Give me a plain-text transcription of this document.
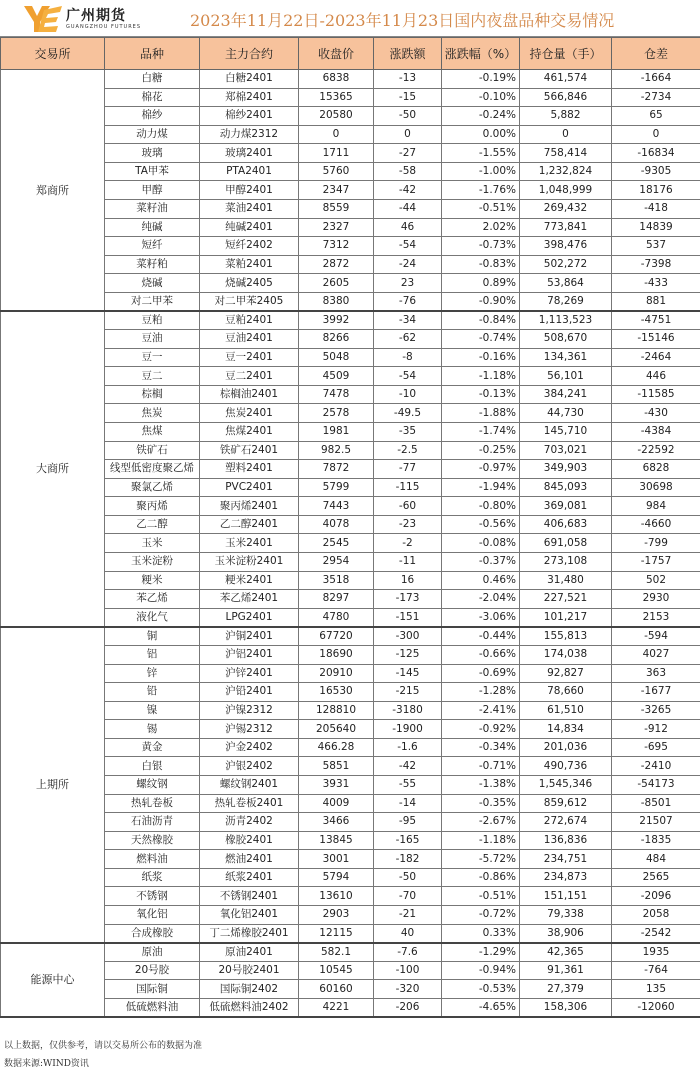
广州期货
GUANGZHOU FUTURES	2023年11月22日-2023年11月23日国内夜盘品种交易情况
交易所	品种	主力合约	收盘价	涨跌额	涨跌幅（%）	持仓量（手）	仓差
郑商所	白糖	白糖2401	6838	-13	-0.19%	461,574	-1664
	棉花	郑棉2401	15365	-15	-0.10%	566,846	-2734
	棉纱	棉纱2401	20580	-50	-0.24%	5,882	65
	动力煤	动力煤2312	0	0	0.00%	0	0
	玻璃	玻璃2401	1711	-27	-1.55%	758,414	-16834
	TA甲苯	PTA2401	5760	-58	-1.00%	1,232,824	-9305
	甲醇	甲醇2401	2347	-42	-1.76%	1,048,999	18176
	菜籽油	菜油2401	8559	-44	-0.51%	269,432	-418
	纯碱	纯碱2401	2327	46	2.02%	773,841	14839
	短纤	短纤2402	7312	-54	-0.73%	398,476	537
	菜籽粕	菜粕2401	2872	-24	-0.83%	502,272	-7398
	烧碱	烧碱2405	2605	23	0.89%	53,864	-433
	对二甲苯	对二甲苯2405	8380	-76	-0.90%	78,269	881
大商所	豆粕	豆粕2401	3992	-34	-0.84%	1,113,523	-4751
	豆油	豆油2401	8266	-62	-0.74%	508,670	-15146
	豆一	豆一2401	5048	-8	-0.16%	134,361	-2464
	豆二	豆二2401	4509	-54	-1.18%	56,101	446
	棕榈	棕榈油2401	7478	-10	-0.13%	384,241	-11585
	焦炭	焦炭2401	2578	-49.5	-1.88%	44,730	-430
	焦煤	焦煤2401	1981	-35	-1.74%	145,710	-4384
	铁矿石	铁矿石2401	982.5	-2.5	-0.25%	703,021	-22592
	线型低密度聚乙烯	塑料2401	7872	-77	-0.97%	349,903	6828
	聚氯乙烯	PVC2401	5799	-115	-1.94%	845,093	30698
	聚丙烯	聚丙烯2401	7443	-60	-0.80%	369,081	984
	乙二醇	乙二醇2401	4078	-23	-0.56%	406,683	-4660
	玉米	玉米2401	2545	-2	-0.08%	691,058	-799
	玉米淀粉	玉米淀粉2401	2954	-11	-0.37%	273,108	-1757
	粳米	粳米2401	3518	16	0.46%	31,480	502
	苯乙烯	苯乙烯2401	8297	-173	-2.04%	227,521	2930
	液化气	LPG2401	4780	-151	-3.06%	101,217	2153
上期所	铜	沪铜2401	67720	-300	-0.44%	155,813	-594
	铝	沪铝2401	18690	-125	-0.66%	174,038	4027
	锌	沪锌2401	20910	-145	-0.69%	92,827	363
	铅	沪铅2401	16530	-215	-1.28%	78,660	-1677
	镍	沪镍2312	128810	-3180	-2.41%	61,510	-3265
	锡	沪锡2312	205640	-1900	-0.92%	14,834	-912
	黄金	沪金2402	466.28	-1.6	-0.34%	201,036	-695
	白银	沪银2402	5851	-42	-0.71%	490,736	-2410
	螺纹钢	螺纹钢2401	3931	-55	-1.38%	1,545,346	-54173
	热轧卷板	热轧卷板2401	4009	-14	-0.35%	859,612	-8501
	石油沥青	沥青2402	3466	-95	-2.67%	272,674	21507
	天然橡胶	橡胶2401	13845	-165	-1.18%	136,836	-1835
	燃料油	燃油2401	3001	-182	-5.72%	234,751	484
	纸浆	纸浆2401	5794	-50	-0.86%	234,873	2565
	不锈钢	不锈钢2401	13610	-70	-0.51%	151,151	-2096
	氧化铝	氧化铝2401	2903	-21	-0.72%	79,338	2058
	合成橡胶	丁二烯橡胶2401	12115	40	0.33%	38,906	-2542
能源中心	原油	原油2401	582.1	-7.6	-1.29%	42,365	1935
	20号胶	20号胶2401	10545	-100	-0.94%	91,361	-764
	国际铜	国际铜2402	60160	-320	-0.53%	27,379	135
	低硫燃料油	低硫燃料油2402	4221	-206	-4.65%	158,306	-12060
以上数据，仅供参考，请以交易所公布的数据为准
数据来源:WIND资讯
